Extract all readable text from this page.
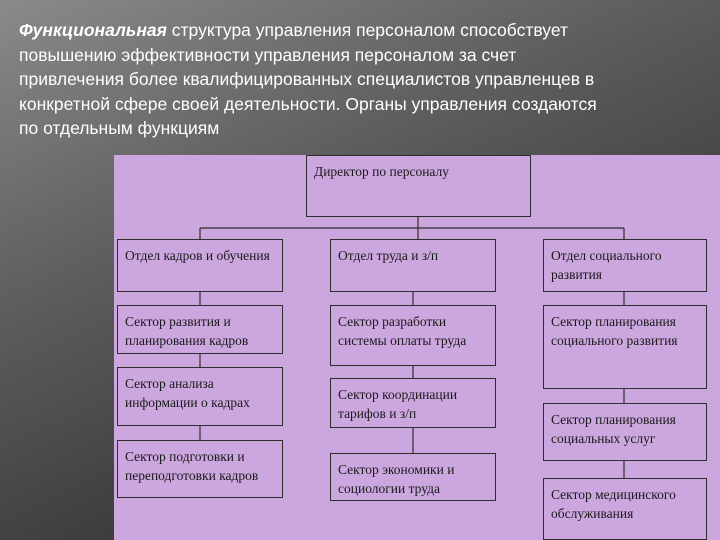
Функциональная структура управления персоналом способствует повышению эффективности управления персоналом за счет привлечения более квалифицированных специалистов управленцев в конкретной сфере своей деятельности. Органы управления создаются по отдельным функциям
Директор по персоналу
Отдел кадров и обучения
Сектор развития и планирования кадров
Сектор анализа информации о кадрах
Сектор подготовки и переподготовки кадров
Отдел труда и з/п
Сектор разработки системы оплаты труда
Сектор координации тарифов и з/п
Сектор экономики и социологии труда
Отдел социального развития
Сектор планирования социального развития
Сектор планирования социальных услуг
Сектор медицинского обслуживания
